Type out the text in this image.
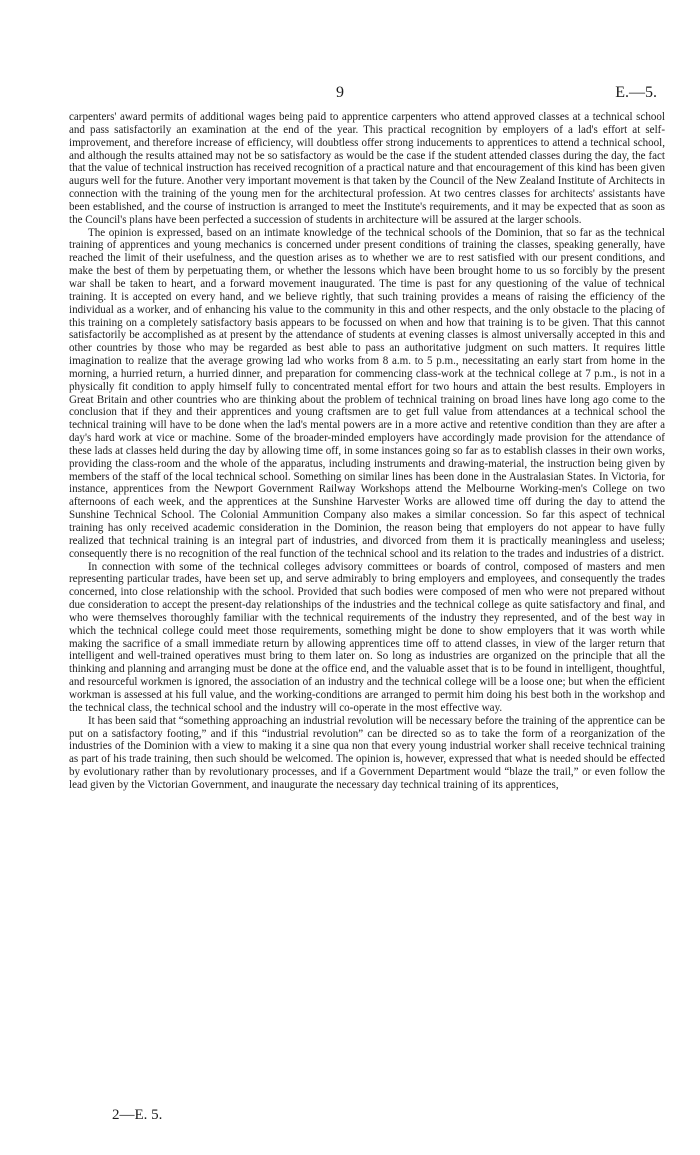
9	E.—5.

carpenters' award permits of additional wages being paid to apprentice carpenters who attend approved classes at a technical school and pass satisfactorily an examination at the end of the year. This practical recognition by employers of a lad's effort at self-improvement, and therefore increase of efficiency, will doubtless offer strong inducements to apprentices to attend a technical school, and although the results attained may not be so satisfactory as would be the case if the student attended classes during the day, the fact that the value of technical instruction has received recognition of a practical nature and that encouragement of this kind has been given augurs well for the future. Another very important movement is that taken by the Council of the New Zealand Institute of Architects in connection with the training of the young men for the architectural profession. At two centres classes for architects' assistants have been established, and the course of instruction is arranged to meet the Institute's requirements, and it may be expected that as soon as the Council's plans have been perfected a succession of students in architecture will be assured at the larger schools.

The opinion is expressed, based on an intimate knowledge of the technical schools of the Dominion, that so far as the technical training of apprentices and young mechanics is concerned under present conditions of training the classes, speaking generally, have reached the limit of their usefulness, and the question arises as to whether we are to rest satisfied with our present conditions, and make the best of them by perpetuating them, or whether the lessons which have been brought home to us so forcibly by the present war shall be taken to heart, and a forward movement inaugurated. The time is past for any questioning of the value of technical training. It is accepted on every hand, and we believe rightly, that such training provides a means of raising the efficiency of the individual as a worker, and of enhancing his value to the community in this and other respects, and the only obstacle to the placing of this training on a completely satisfactory basis appears to be focussed on when and how that training is to be given. That this cannot satisfactorily be accomplished as at present by the attendance of students at evening classes is almost universally accepted in this and other countries by those who may be regarded as best able to pass an authoritative judgment on such matters. It requires little imagination to realize that the average growing lad who works from 8 a.m. to 5 p.m., necessitating an early start from home in the morning, a hurried return, a hurried dinner, and preparation for commencing class-work at the technical college at 7 p.m., is not in a physically fit condition to apply himself fully to concentrated mental effort for two hours and attain the best results. Employers in Great Britain and other countries who are thinking about the problem of technical training on broad lines have long ago come to the conclusion that if they and their apprentices and young craftsmen are to get full value from attendances at a technical school the technical training will have to be done when the lad's mental powers are in a more active and retentive condition than they are after a day's hard work at vice or machine. Some of the broader-minded employers have accordingly made provision for the attendance of these lads at classes held during the day by allowing time off, in some instances going so far as to establish classes in their own works, providing the class-room and the whole of the apparatus, including instruments and drawing-material, the instruction being given by members of the staff of the local technical school. Something on similar lines has been done in the Australasian States. In Victoria, for instance, apprentices from the Newport Government Railway Workshops attend the Melbourne Working-men's College on two afternoons of each week, and the apprentices at the Sunshine Harvester Works are allowed time off during the day to attend the Sunshine Technical School. The Colonial Ammunition Company also makes a similar concession. So far this aspect of technical training has only received academic consideration in the Dominion, the reason being that employers do not appear to have fully realized that technical training is an integral part of industries, and divorced from them it is practically meaningless and useless; consequently there is no recognition of the real function of the technical school and its relation to the trades and industries of a district.

In connection with some of the technical colleges advisory committees or boards of control, composed of masters and men representing particular trades, have been set up, and serve admirably to bring employers and employees, and consequently the trades concerned, into close relationship with the school. Provided that such bodies were composed of men who were not prepared without due consideration to accept the present-day relationships of the industries and the technical college as quite satisfactory and final, and who were themselves thoroughly familiar with the technical requirements of the industry they represented, and of the best way in which the technical college could meet those requirements, something might be done to show employers that it was worth while making the sacrifice of a small immediate return by allowing apprentices time off to attend classes, in view of the larger return that intelligent and well-trained operatives must bring to them later on. So long as industries are organized on the principle that all the thinking and planning and arranging must be done at the office end, and the valuable asset that is to be found in intelligent, thoughtful, and resourceful workmen is ignored, the association of an industry and the technical college will be a loose one; but when the efficient workman is assessed at his full value, and the working-conditions are arranged to permit him doing his best both in the workshop and the technical class, the technical school and the industry will co-operate in the most effective way.

It has been said that “something approaching an industrial revolution will be necessary before the training of the apprentice can be put on a satisfactory footing,” and if this “industrial revolution” can be directed so as to take the form of a reorganization of the industries of the Dominion with a view to making it a sine qua non that every young industrial worker shall receive technical training as part of his trade training, then such should be welcomed. The opinion is, however, expressed that what is needed should be effected by evolutionary rather than by revolutionary processes, and if a Government Department would “blaze the trail,” or even follow the lead given by the Victorian Government, and inaugurate the necessary day technical training of its apprentices,

2—E. 5.
